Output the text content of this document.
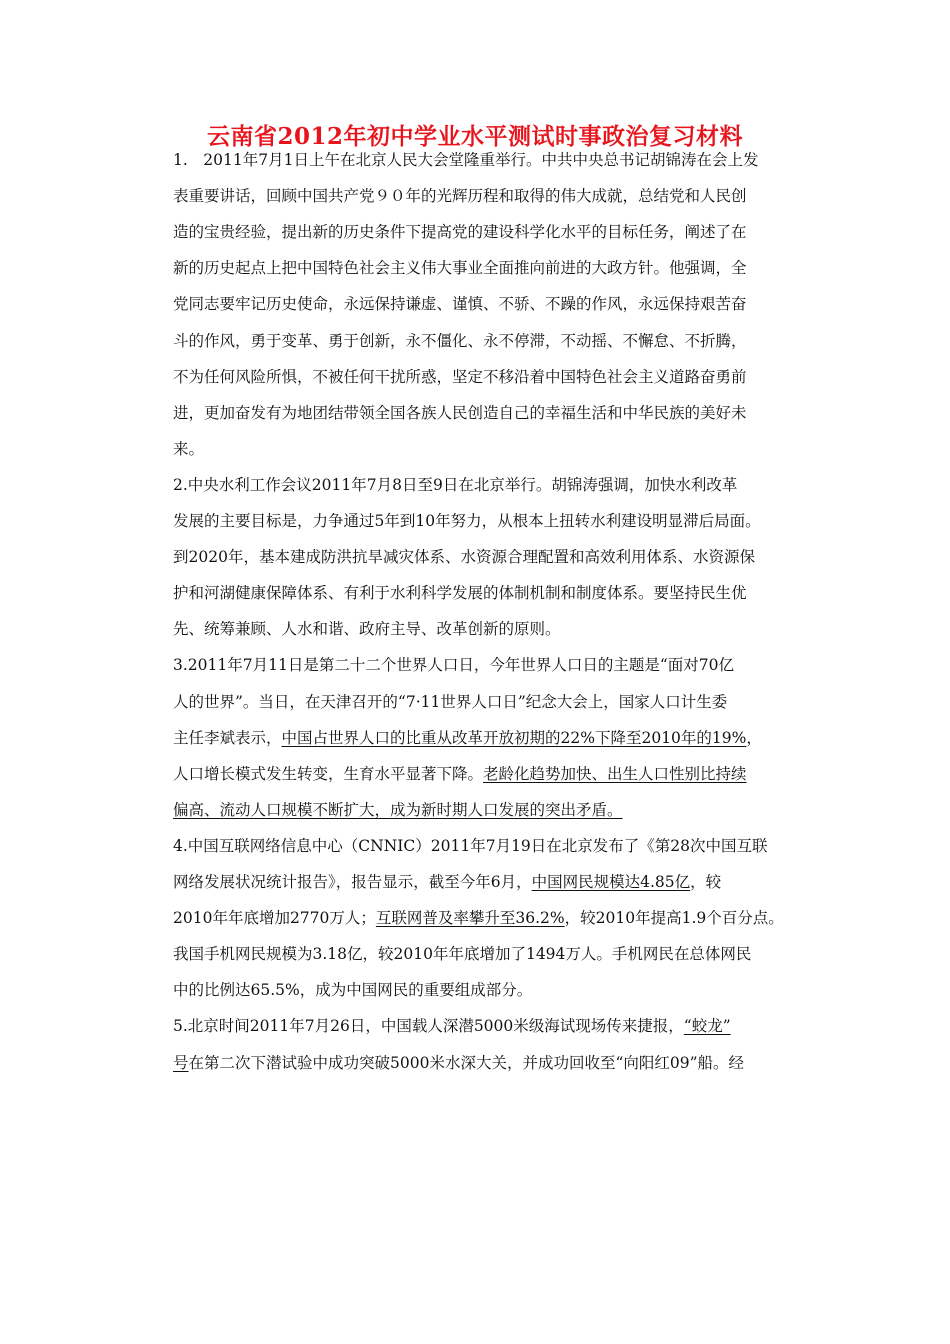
云南省2012年初中学业水平测试时事政治复习材料
1.　2011年7月1日上午在北京人民大会堂隆重举行。中共中央总书记胡锦涛在会上发
表重要讲话，回顾中国共产党９０年的光辉历程和取得的伟大成就，总结党和人民创
造的宝贵经验，提出新的历史条件下提高党的建设科学化水平的目标任务，阐述了在
新的历史起点上把中国特色社会主义伟大事业全面推向前进的大政方针。他强调，全
党同志要牢记历史使命，永远保持谦虚、谨慎、不骄、不躁的作风，永远保持艰苦奋
斗的作风，勇于变革、勇于创新，永不僵化、永不停滞，不动摇、不懈怠、不折腾，
不为任何风险所惧，不被任何干扰所惑，坚定不移沿着中国特色社会主义道路奋勇前
进，更加奋发有为地团结带领全国各族人民创造自己的幸福生活和中华民族的美好未
来。
2.中央水利工作会议2011年7月8日至9日在北京举行。胡锦涛强调，加快水利改革
发展的主要目标是，力争通过5年到10年努力，从根本上扭转水利建设明显滞后局面。
到2020年，基本建成防洪抗旱减灾体系、水资源合理配置和高效利用体系、水资源保
护和河湖健康保障体系、有利于水利科学发展的体制机制和制度体系。要坚持民生优
先、统筹兼顾、人水和谐、政府主导、改革创新的原则。
3.2011年7月11日是第二十二个世界人口日，今年世界人口日的主题是“面对70亿
人的世界”。当日，在天津召开的“7·11世界人口日”纪念大会上，国家人口计生委
主任李斌表示，中国占世界人口的比重从改革开放初期的22%下降至2010年的19%，
人口增长模式发生转变，生育水平显著下降。老龄化趋势加快、出生人口性别比持续
偏高、流动人口规模不断扩大，成为新时期人口发展的突出矛盾。
4.中国互联网络信息中心（CNNIC）2011年7月19日在北京发布了《第28次中国互联
网络发展状况统计报告》，报告显示，截至今年6月，中国网民规模达4.85亿，较
2010年年底增加2770万人；互联网普及率攀升至36.2%，较2010年提高1.9个百分点。
我国手机网民规模为3.18亿，较2010年年底增加了1494万人。手机网民在总体网民
中的比例达65.5%，成为中国网民的重要组成部分。
5.北京时间2011年7月26日，中国载人深潜5000米级海试现场传来捷报，“蛟龙”
号在第二次下潜试验中成功突破5000米水深大关，并成功回收至“向阳红09”船。经
